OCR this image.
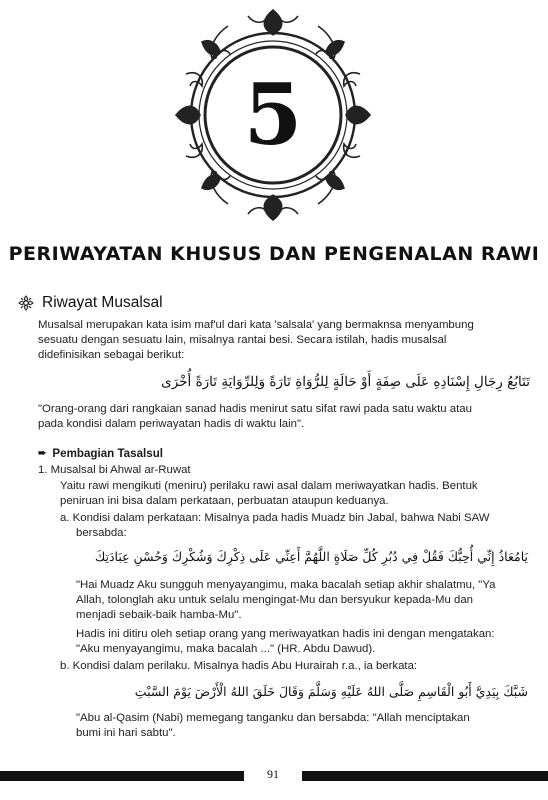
5
PERIWAYATAN KHUSUS DAN PENGENALAN RAWI
Riwayat Musalsal
Musalsal merupakan kata isim maf'ul dari kata 'salsala' yang bermaknsa menyambung
sesuatu dengan sesuatu lain, misalnya rantai besi. Secara istilah, hadis musalsal
didefinisikan sebagai berikut:
تَتَابُعُ رِجَالِ إِسْنَادِهِ عَلَى صِفَةٍ أَوْ حَالَةٍ لِلرُّوَاةِ تَارَةً وَلِلرِّوَايَةِ تَارَةً أُخْرَى
"Orang-orang dari rangkaian sanad hadis menirut satu sifat rawi pada satu waktu atau
pada kondisi dalam periwayatan hadis di waktu lain".
➨ Pembagian Tasalsul
1. Musalsal bi Ahwal ar-Ruwat
Yaitu rawi mengikuti (meniru) perilaku rawi asal dalam meriwayatkan hadis. Bentuk
peniruan ini bisa dalam perkataan, perbuatan ataupun keduanya.
a. Kondisi dalam perkataan: Misalnya pada hadis Muadz bin Jabal, bahwa Nabi SAW
bersabda:
يَامُعَاذُ إِنِّي أُحِبُّكَ فَقُلْ فِي دُبُرِ كُلِّ صَلَاةٍ اللَّهُمَّ أَعِنِّي عَلَى ذِكْرِكَ وَشُكْرِكَ وَحُسْنِ عِبَادَتِكَ
"Hai Muadz Aku sungguh menyayangimu, maka bacalah setiap akhir shalatmu, "Ya
Allah, tolonglah aku untuk selalu mengingat-Mu dan bersyukur kepada-Mu dan
menjadi sebaik-baik hamba-Mu".
Hadis ini ditiru oleh setiap orang yang meriwayatkan hadis ini dengan mengatakan:
"Aku menyayangimu, maka bacalah ..." (HR. Abdu Dawud).
b. Kondisi dalam perilaku. Misalnya hadis Abu Hurairah r.a., ia berkata:
شَبَّكَ بِيَدِيَّ أَبُو الْقَاسِمِ صَلَّى اللهُ عَلَيْهِ وَسَلَّمَ وَقَالَ خَلَقَ اللهُ الْأَرْضَ يَوْمَ السَّبْتِ
"Abu al-Qasim (Nabi) memegang tanganku dan bersabda: "Allah menciptakan
bumi ini hari sabtu".
91
